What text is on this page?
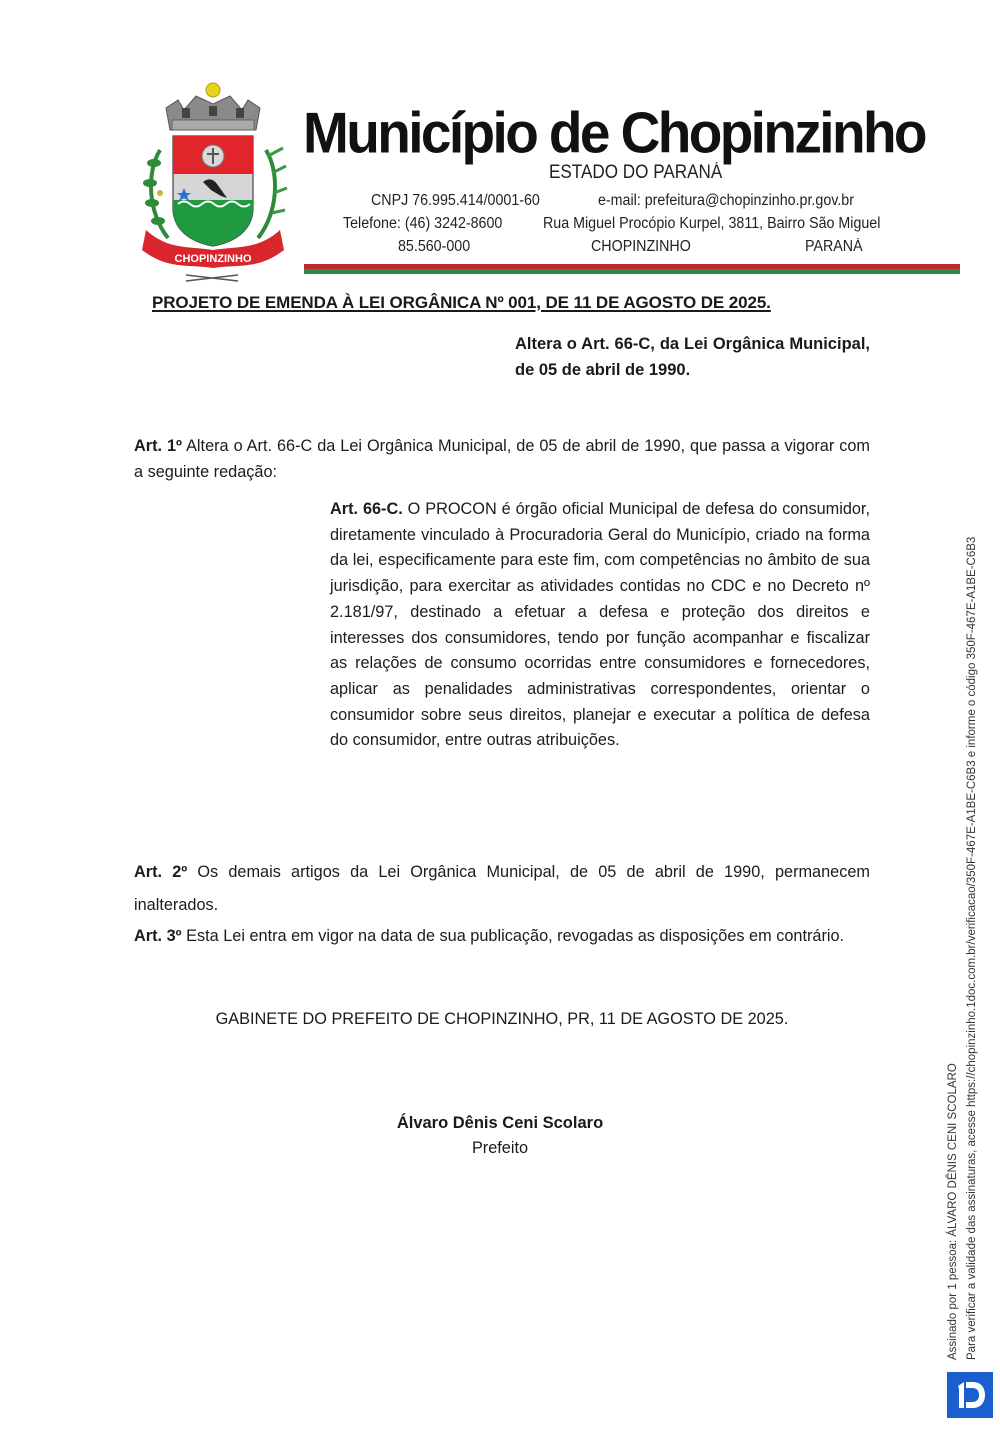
CHOPINZINHO
Município de Chopinzinho
ESTADO DO PARANÁ
CNPJ 76.995.414/0001-60	e-mail: prefeitura@chopinzinho.pr.gov.br
Telefone: (46) 3242-8600	Rua Miguel Procópio Kurpel, 3811, Bairro São Miguel
85.560-000	CHOPINZINHO	PARANÁ
PROJETO DE EMENDA À LEI ORGÂNICA Nº 001, DE 11 DE AGOSTO DE 2025.
Altera o Art. 66-C, da Lei Orgânica Municipal, de 05 de abril de 1990.

Art. 1º Altera o Art. 66-C da Lei Orgânica Municipal, de 05 de abril de 1990, que passa a vigorar com a seguinte redação:

Art. 66-C. O PROCON é órgão oficial Municipal de defesa do consumidor, diretamente vinculado à Procuradoria Geral do Município, criado na forma da lei, especificamente para este fim, com competências no âmbito de sua jurisdição, para exercitar as atividades contidas no CDC e no Decreto nº 2.181/97, destinado a efetuar a defesa e proteção dos direitos e interesses dos consumidores, tendo por função acompanhar e fiscalizar as relações de consumo ocorridas entre consumidores e fornecedores, aplicar as penalidades administrativas correspondentes, orientar o consumidor sobre seus direitos, planejar e executar a política de defesa do consumidor, entre outras atribuições.

Art. 2º Os demais artigos da Lei Orgânica Municipal, de 05 de abril de 1990, permanecem inalterados.

Art. 3º Esta Lei entra em vigor na data de sua publicação, revogadas as disposições em contrário.

GABINETE DO PREFEITO DE CHOPINZINHO, PR, 11 DE AGOSTO DE 2025.
Álvaro Dênis Ceni Scolaro
Prefeito	Assinado por 1 pessoa: ÁLVARO DÊNIS CENI SCOLARO Para verificar a validade das assinaturas, acesse https://chopinzinho.1doc.com.br/verificacao/350F-467E-A1BE-C6B3 e informe o código 350F-467E-A1BE-C6B3
